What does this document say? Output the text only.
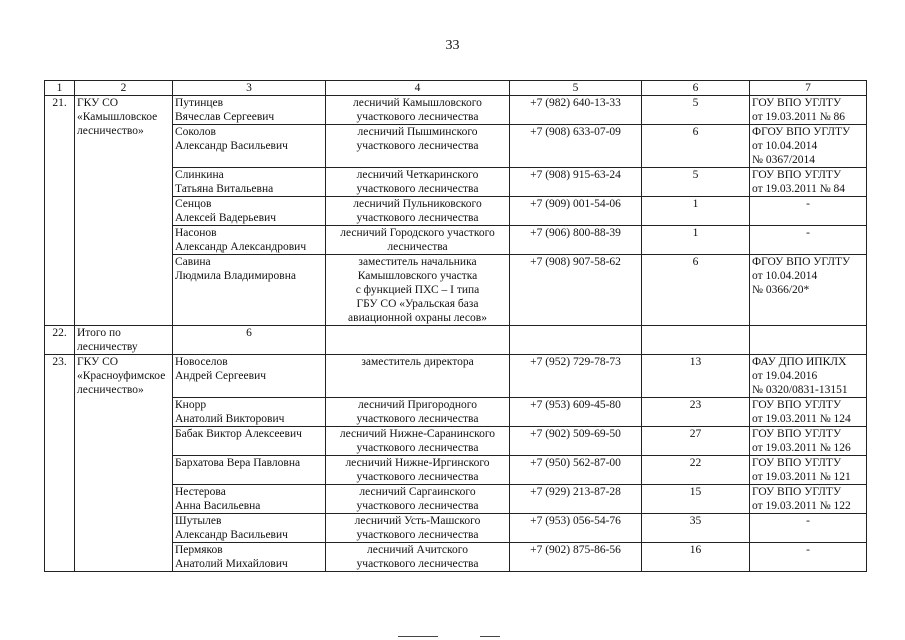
33
1	2	3	4	5	6	7
21.	ГКУ СО
«Камышловское
лесничество»	Путинцев
Вячеслав Сергеевич	лесничий Камышловского
участкового лесничества	+7 (982) 640-13-33	5	ГОУ ВПО УГЛТУ
от 19.03.2011 № 86

		Соколов
Александр Васильевич	лесничий Пышминского
участкового лесничества	+7 (908) 633-07-09	6	ФГОУ ВПО УГЛТУ
от 10.04.2014
№ 0367/2014

		Слинкина
Татьяна Витальевна	лесничий Четкаринского
участкового лесничества	+7 (908) 915-63-24	5	ГОУ ВПО УГЛТУ
от 19.03.2011 № 84

		Сенцов
Алексей Вадерьевич	лесничий Пульниковского
участкового лесничества	+7 (909) 001-54-06	1	-

		Насонов
Александр Александрович	лесничий Городского участкого
лесничества	+7 (906) 800-88-39	1	-

		Савина
Людмила Владимировна	заместитель начальника
Камышловского участка
с функцией ПХС – I типа
ГБУ СО «Уральская база
авиационной охраны лесов»	+7 (908) 907-58-62	6	ФГОУ ВПО УГЛТУ
от 10.04.2014
№ 0366/20*

22.	Итого по
лесничеству	6				
23.	ГКУ СО
«Красноуфимское
лесничество»	Новоселов
Андрей Сергеевич	заместитель директора	+7 (952) 729-78-73	13	ФАУ ДПО ИПКЛХ
от 19.04.2016
№ 0320/0831-13151

		Кнорр
Анатолий Викторович	лесничий Пригородного
участкового лесничества	+7 (953) 609-45-80	23	ГОУ ВПО УГЛТУ
от 19.03.2011 № 124

		Бабак Виктор Алексеевич	лесничий Нижне-Саранинского
участкового лесничества	+7 (902) 509-69-50	27	ГОУ ВПО УГЛТУ
от 19.03.2011 № 126

		Бархатова Вера Павловна	лесничий Нижне-Иргинского
участкового лесничества	+7 (950) 562-87-00	22	ГОУ ВПО УГЛТУ
от 19.03.2011 № 121

		Нестерова
Анна Васильевна	лесничий Саргаинского
участкового лесничества	+7 (929) 213-87-28	15	ГОУ ВПО УГЛТУ
от 19.03.2011 № 122

		Шутылев
Александр Васильевич	лесничий Усть-Машского
участкового лесничества	+7 (953) 056-54-76	35	-

		Пермяков
Анатолий Михайлович	лесничий Ачитского
участкового лесничества	+7 (902) 875-86-56	16	-
